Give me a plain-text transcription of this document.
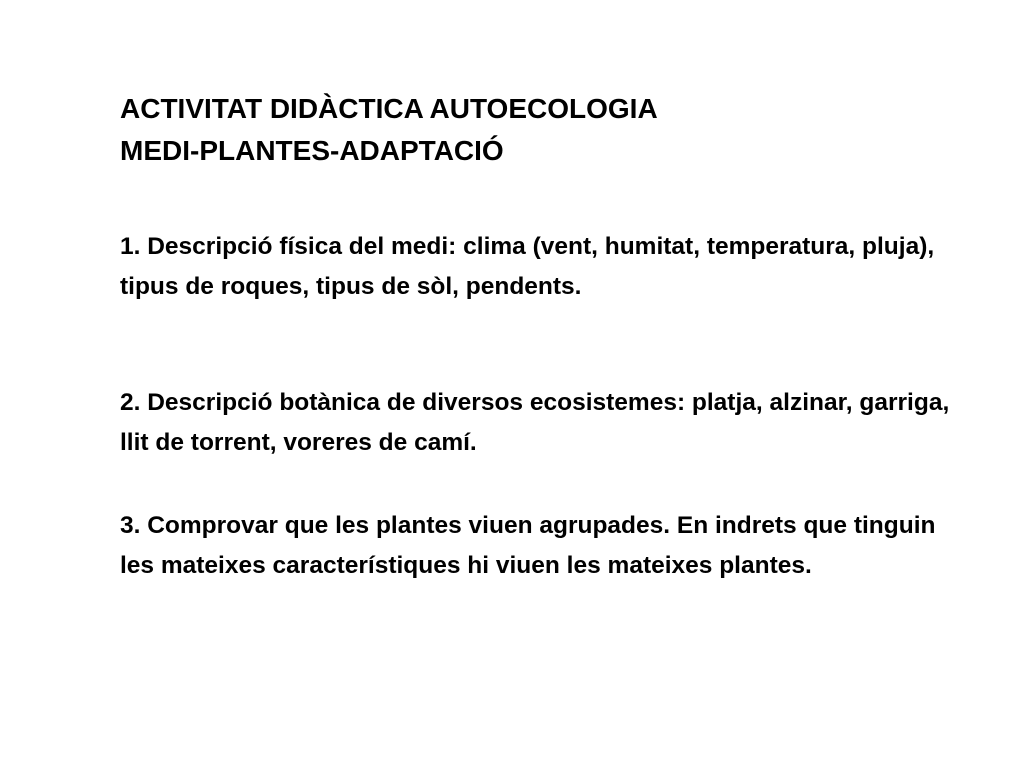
ACTIVITAT DIDÀCTICA AUTOECOLOGIA
MEDI-PLANTES-ADAPTACIÓ
1. Descripció física del medi: clima (vent, humitat, temperatura, pluja), tipus de roques, tipus de sòl, pendents.
2. Descripció botànica de diversos ecosistemes: platja, alzinar, garriga, llit de torrent, voreres de camí.
3. Comprovar que les plantes viuen agrupades. En indrets que tinguin les mateixes característiques hi viuen les mateixes plantes.
